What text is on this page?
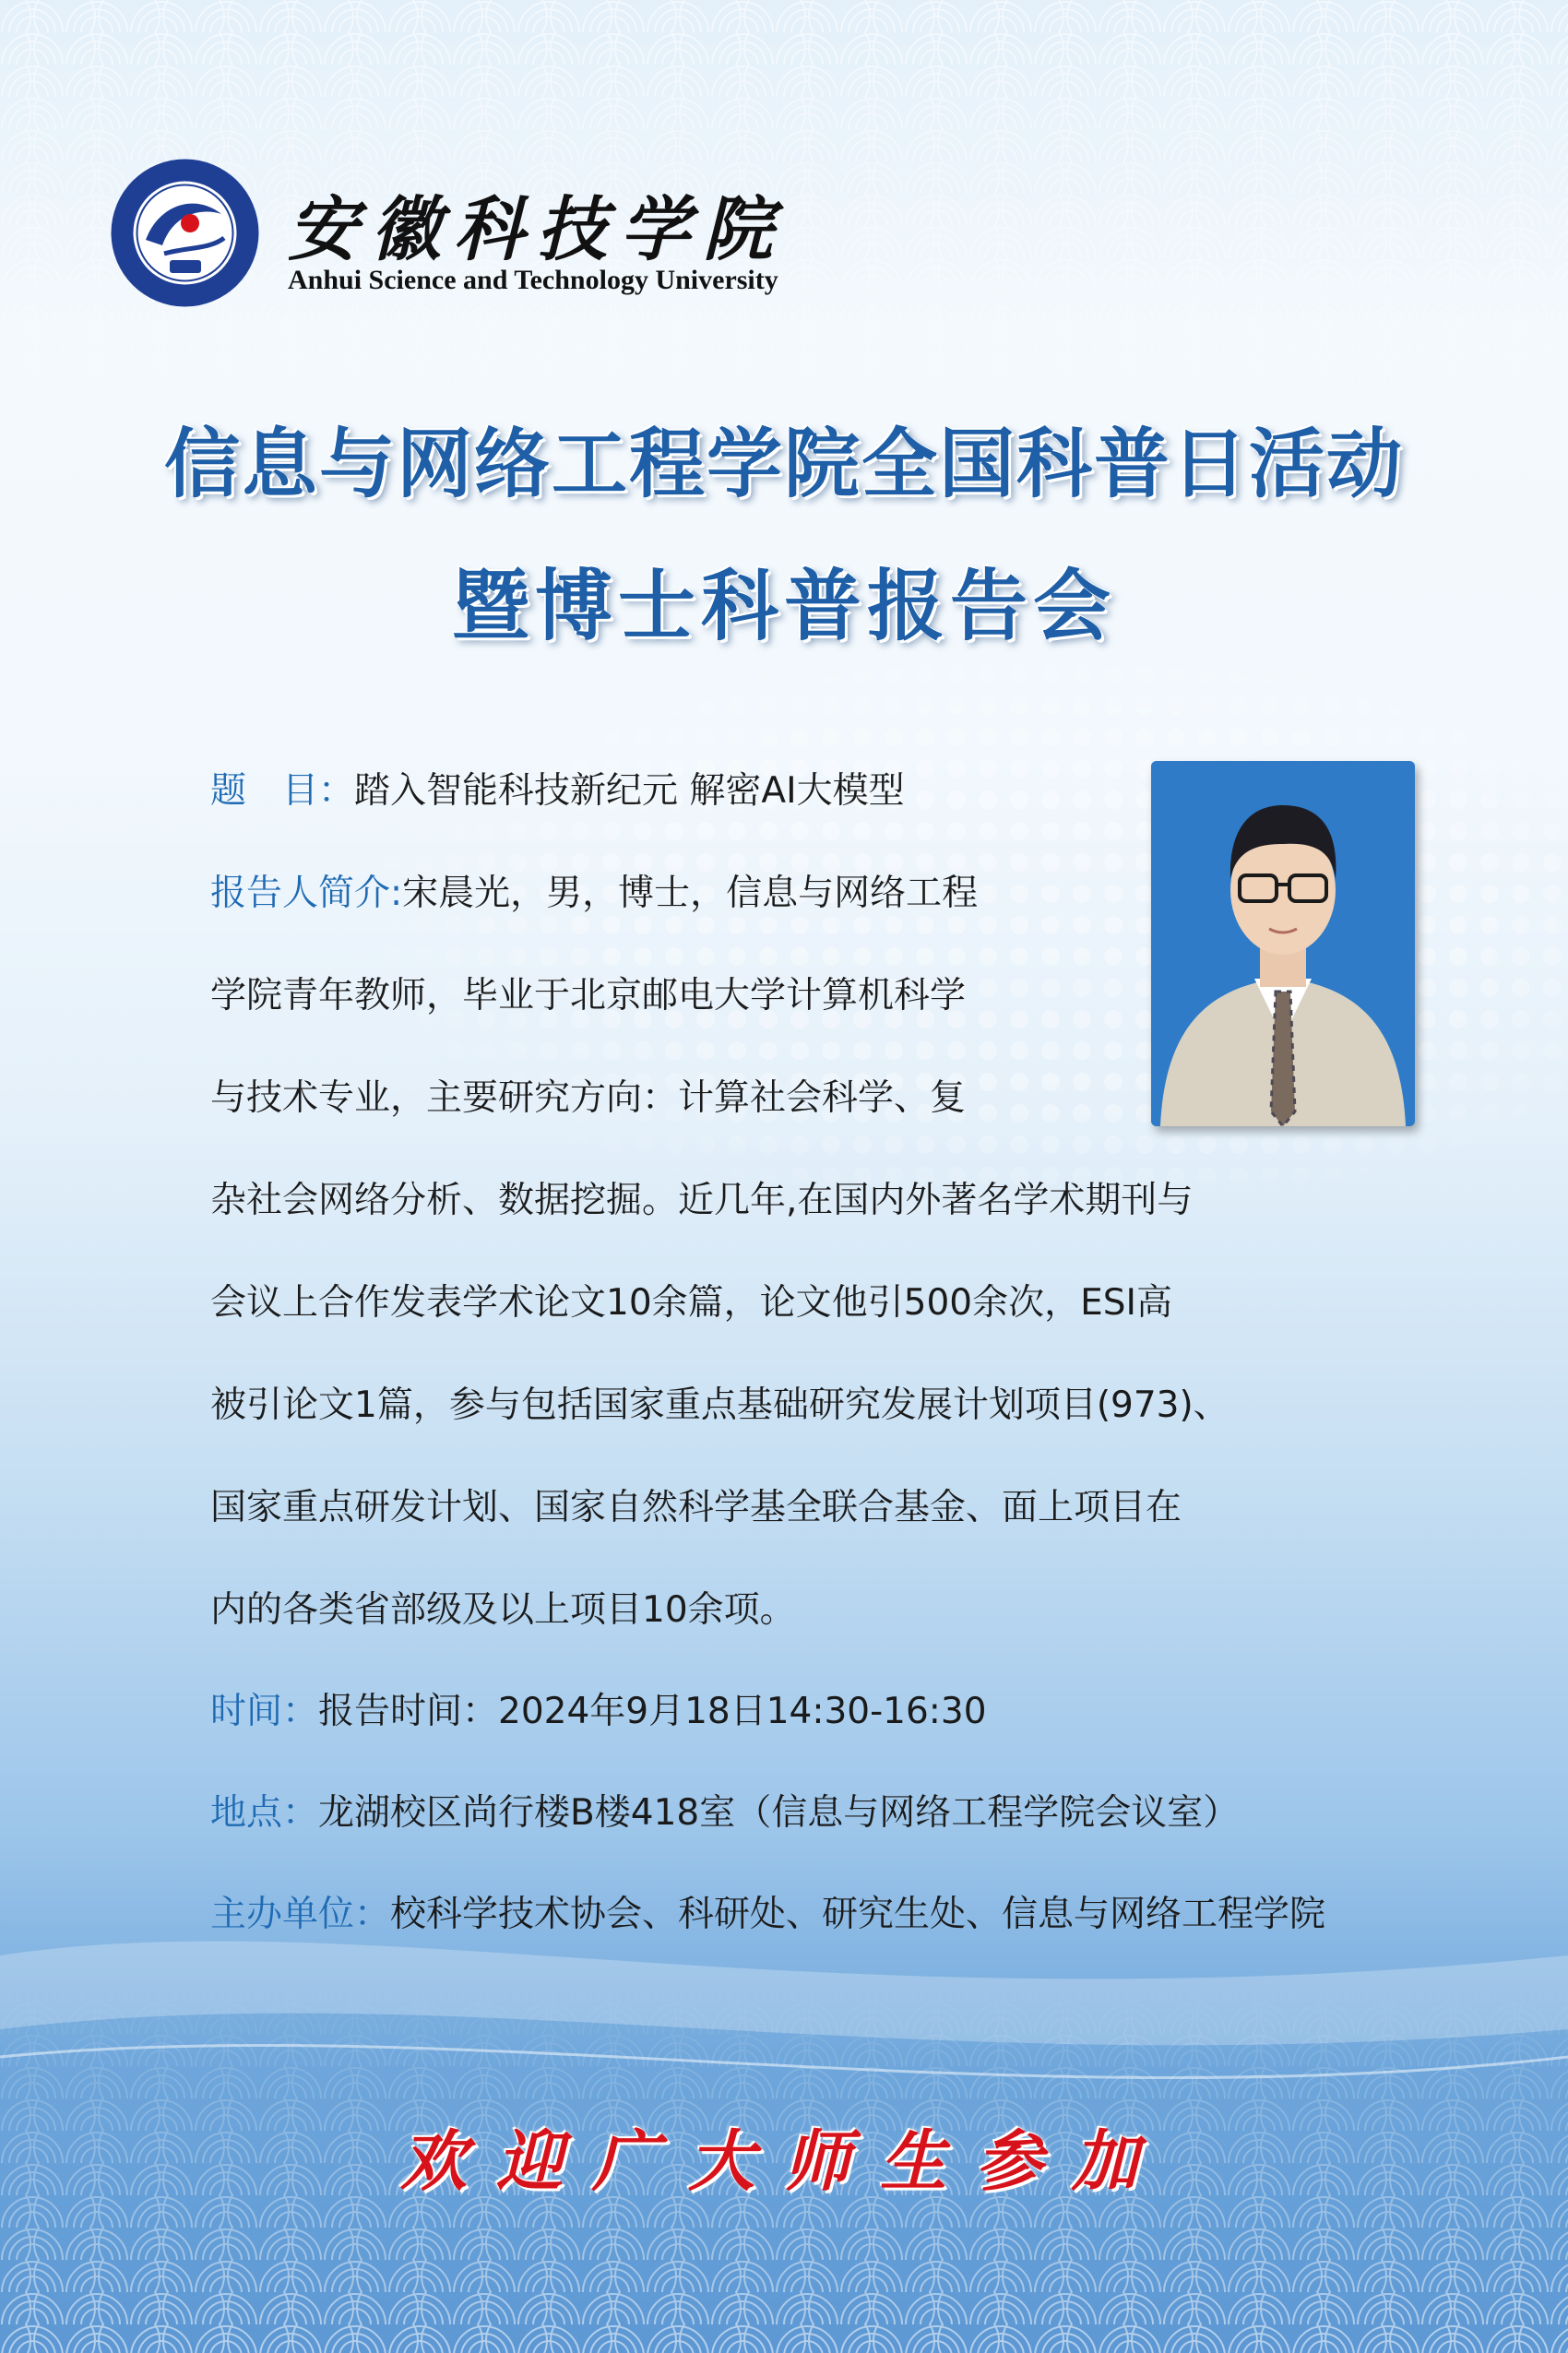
安徽科技学院
Anhui Science and Technology University
信息与网络工程学院全国科普日活动
暨博士科普报告会
题　目：踏入智能科技新纪元 解密AI大模型
报告人简介:宋晨光，男，博士，信息与网络工程
学院青年教师，毕业于北京邮电大学计算机科学
与技术专业，主要研究方向：计算社会科学、复
杂社会网络分析、数据挖掘。近几年,在国内外著名学术期刊与
会议上合作发表学术论文10余篇，论文他引500余次，ESI高
被引论文1篇，参与包括国家重点基础研究发展计划项目(973)、
国家重点研发计划、国家自然科学基全联合基金、面上项目在
内的各类省部级及以上项目10余项。
时间：报告时间：2024年9月18日14:30-16:30
地点：龙湖校区尚行楼B楼418室（信息与网络工程学院会议室）
主办单位：校科学技术协会、科研处、研究生处、信息与网络工程学院
欢迎广大师生参加
